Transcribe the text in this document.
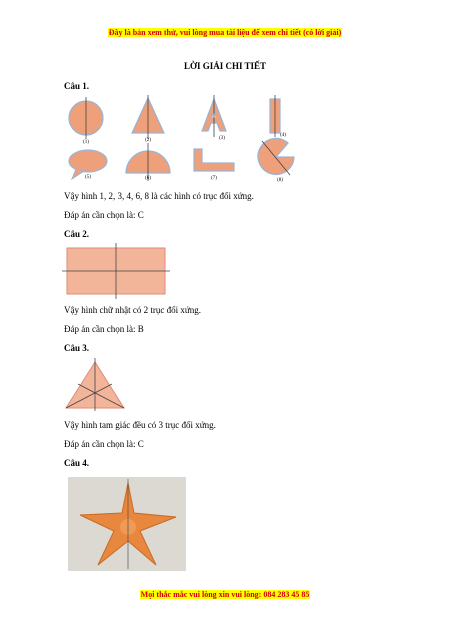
Đây là bản xem thử, vui lòng mua tài liệu để xem chi tiết (có lời giải)
LỜI GIẢI CHI TIẾT
Câu 1.
(1)	(2)	(3)
(4)
(5)	(6)	(7)	(8)
Vậy hình 1, 2, 3, 4, 6, 8 là các hình có trục đối xứng.
Đáp án cần chọn là: C
Câu 2.
Vậy hình chữ nhật có 2 trục đối xứng.
Đáp án cần chọn là: B
Câu 3.
Vậy hình tam giác đều có 3 trục đối xứng.
Đáp án cần chọn là: C
Câu 4.
Mọi thắc mắc vui lòng xin vui lòng: 084 283 45 85
